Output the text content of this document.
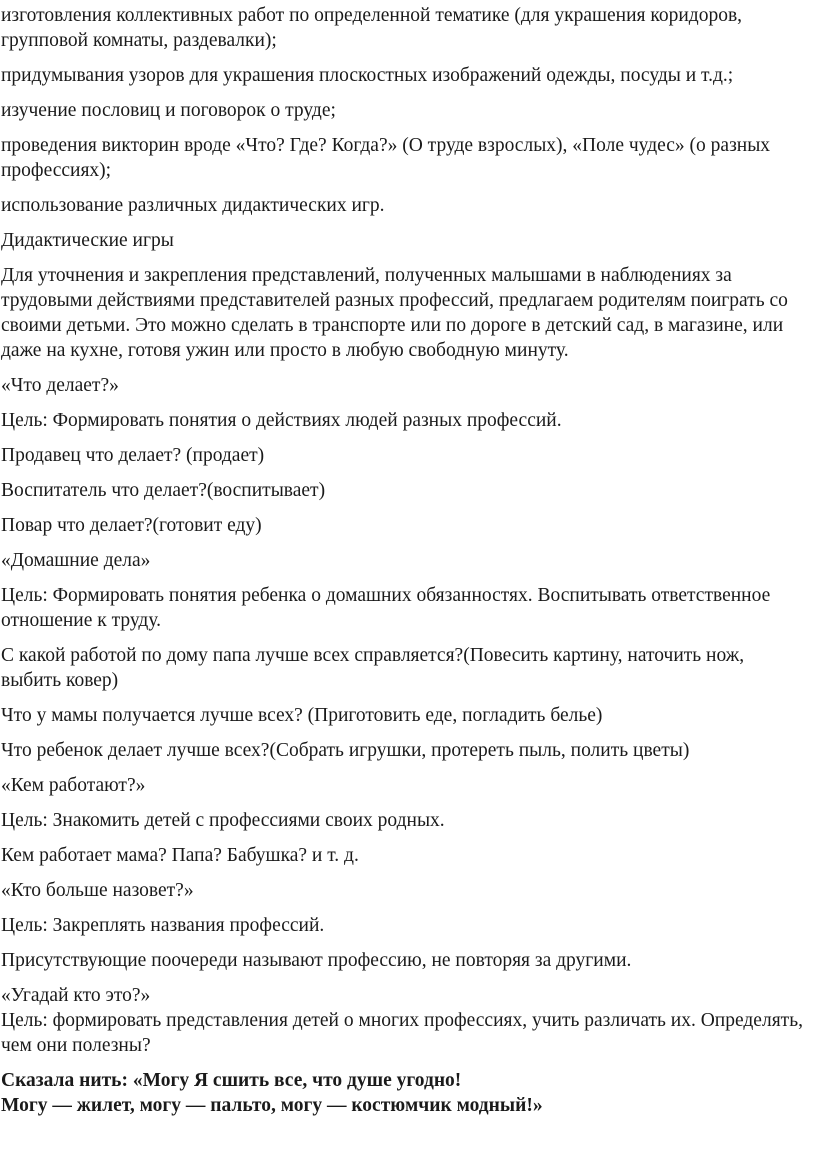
изготовления коллективных работ по определенной тематике (для украшения коридоров, групповой комнаты, раздевалки);

придумывания узоров для украшения плоскостных изображений одежды, посуды и т.д.;

изучение пословиц и поговорок о труде;

проведения викторин вроде «Что? Где? Когда?» (О труде взрослых), «Поле чудес» (о разных профессиях);

использование различных дидактических игр.

Дидактические игры

Для уточнения и закрепления представлений, полученных малышами в наблюдениях за трудовыми действиями представителей разных профессий, предлагаем родителям поиграть со своими детьми. Это можно сделать в транспорте или по дороге в детский сад, в магазине, или даже на кухне, готовя ужин или просто в любую свободную минуту.

«Что делает?»

Цель: Формировать понятия о действиях людей разных профессий.

Продавец что делает? (продает)

Воспитатель что делает?(воспитывает)

Повар что делает?(готовит еду)

«Домашние дела»

Цель: Формировать понятия ребенка о домашних обязанностях. Воспитывать ответственное отношение к труду.

С какой работой по дому папа лучше всех справляется?(Повесить картину, наточить нож, выбить ковер)

Что у мамы получается лучше всех? (Приготовить еде, погладить белье)

Что ребенок делает лучше всех?(Собрать игрушки, протереть пыль, полить цветы)

«Кем работают?»

Цель: Знакомить детей с профессиями своих родных.

Кем работает мама? Папа? Бабушка? и т. д.

«Кто больше назовет?»

Цель: Закреплять названия профессий.

Присутствующие поочереди называют профессию, не повторяя за другими.

«Угадай кто это?»

Цель: формировать представления детей о многих профессиях, учить различать их. Определять, чем они полезны?

Сказала нить: «Могу Я сшить все, что душе угодно!

Могу — жилет, могу — пальто, могу — костюмчик модный!»
